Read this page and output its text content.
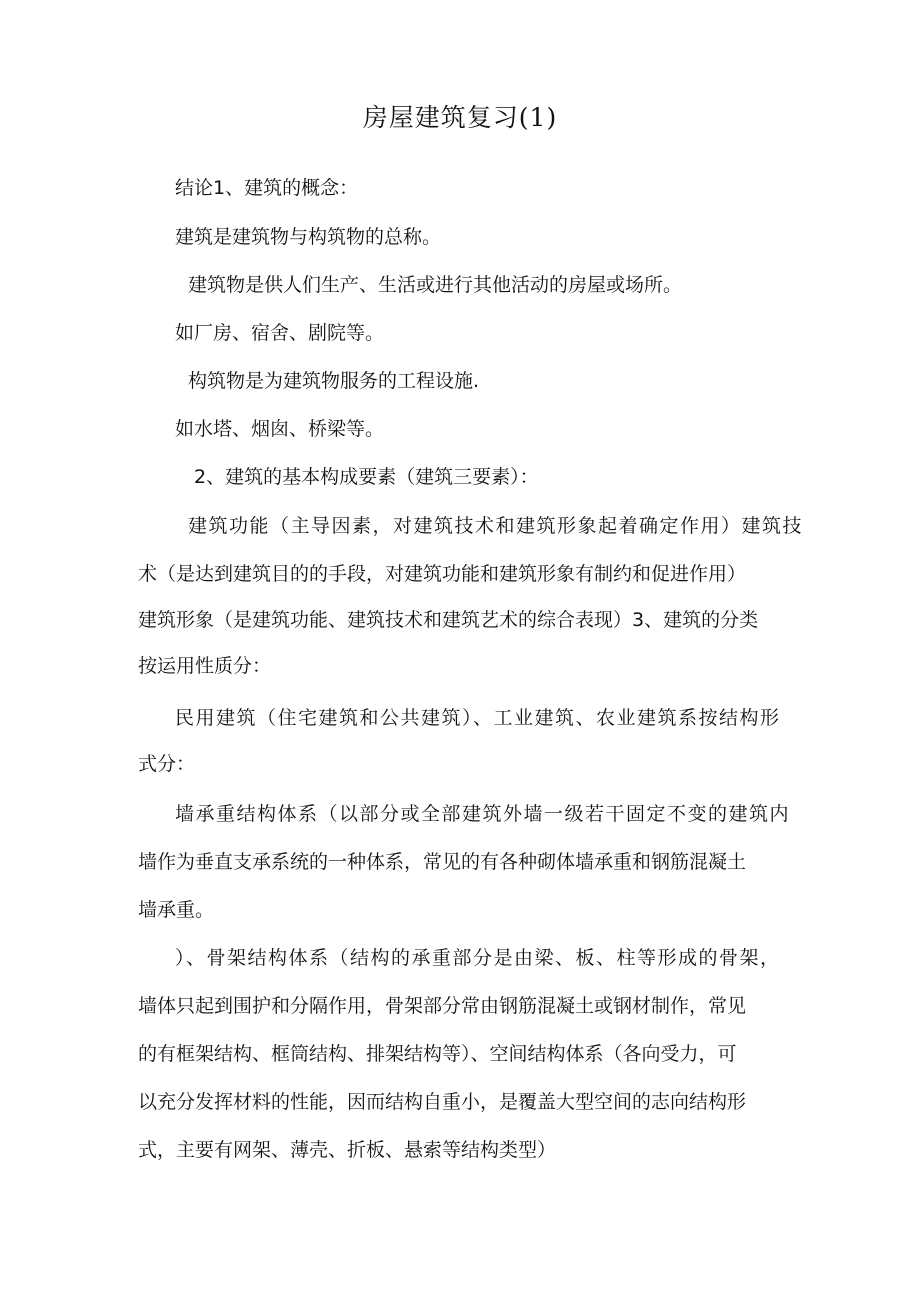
房屋建筑复习(1)

结论1、建筑的概念：

建筑是建筑物与构筑物的总称。

建筑物是供人们生产、生活或进行其他活动的房屋或场所。

如厂房、宿舍、剧院等。

构筑物是为建筑物服务的工程设施.

如水塔、烟囱、桥梁等。

2、建筑的基本构成要素（建筑三要素）：

建筑功能（主导因素，对建筑技术和建筑形象起着确定作用）建筑技

术（是达到建筑目的的手段，对建筑功能和建筑形象有制约和促进作用）

建筑形象（是建筑功能、建筑技术和建筑艺术的综合表现）3、建筑的分类

按运用性质分：

民用建筑（住宅建筑和公共建筑）、工业建筑、农业建筑系按结构形

式分：

墙承重结构体系（以部分或全部建筑外墙一级若干固定不变的建筑内

墙作为垂直支承系统的一种体系，常见的有各种砌体墙承重和钢筋混凝土

墙承重。

）、骨架结构体系（结构的承重部分是由梁、板、柱等形成的骨架，

墙体只起到围护和分隔作用，骨架部分常由钢筋混凝土或钢材制作，常见

的有框架结构、框筒结构、排架结构等）、空间结构体系（各向受力，可

以充分发挥材料的性能，因而结构自重小，是覆盖大型空间的志向结构形

式，主要有网架、薄壳、折板、悬索等结构类型）
